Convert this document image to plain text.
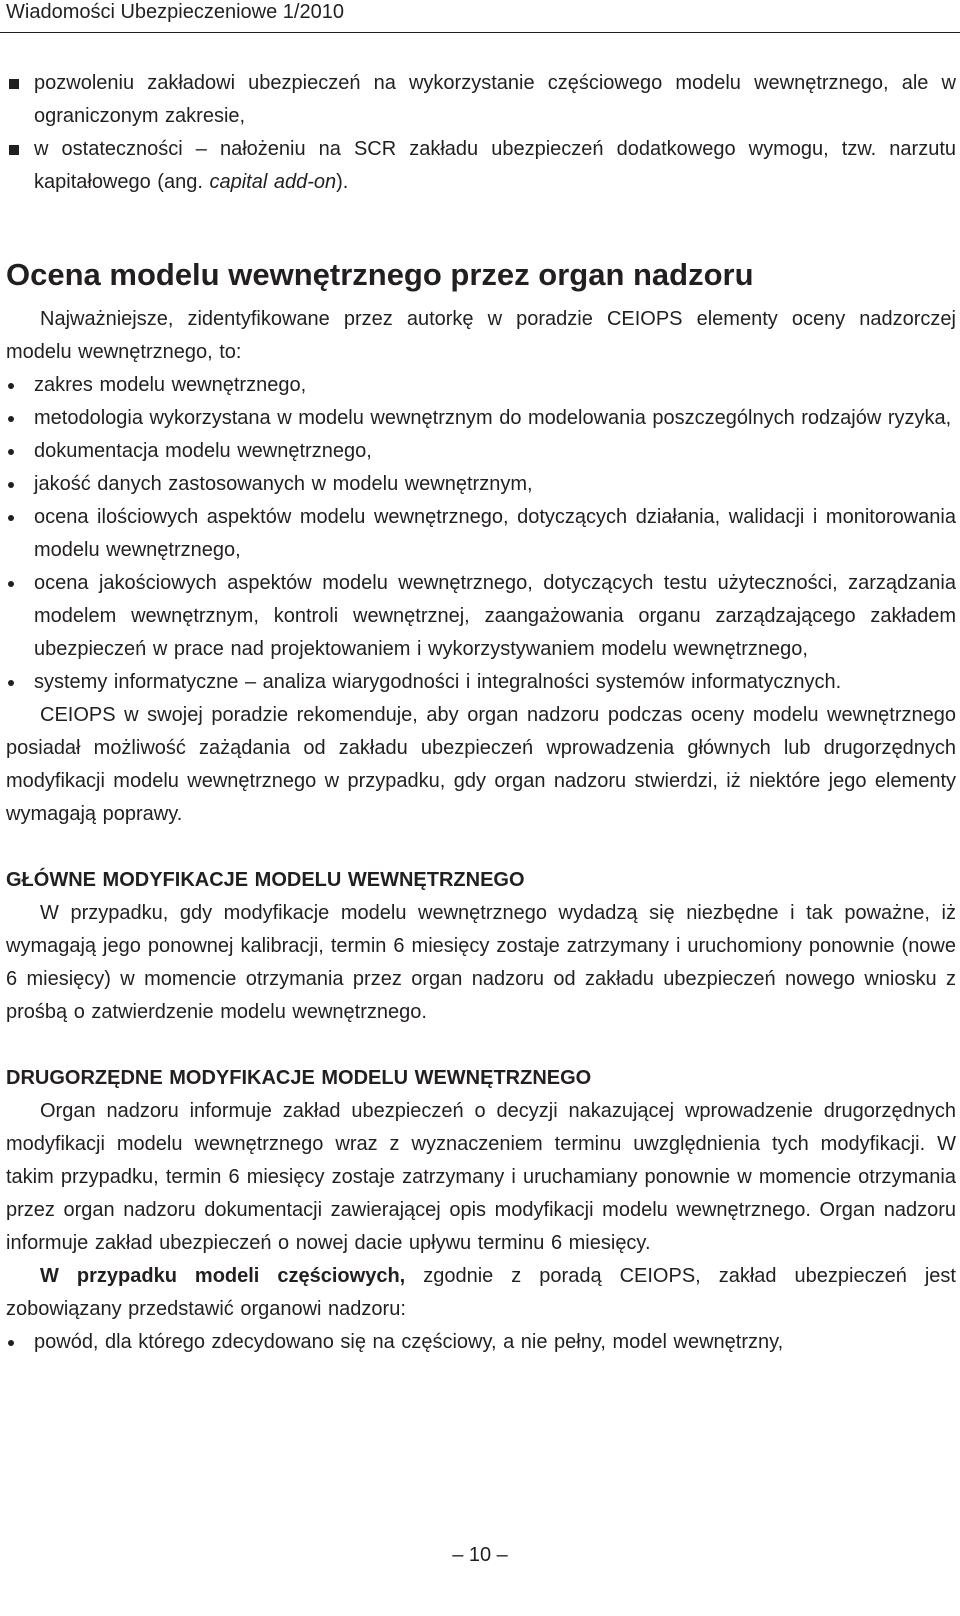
Wiadomości Ubezpieczeniowe 1/2010
pozwoleniu zakładowi ubezpieczeń na wykorzystanie częściowego modelu wewnętrznego, ale w ograniczonym zakresie,
w ostateczności – nałożeniu na SCR zakładu ubezpieczeń dodatkowego wymogu, tzw. narzutu kapitałowego (ang. capital add-on).
Ocena modelu wewnętrznego przez organ nadzoru
Najważniejsze, zidentyfikowane przez autorkę w poradzie CEIOPS elementy oceny nadzorczej modelu wewnętrznego, to:
zakres modelu wewnętrznego,
metodologia wykorzystana w modelu wewnętrznym do modelowania poszczególnych rodzajów ryzyka,
dokumentacja modelu wewnętrznego,
jakość danych zastosowanych w modelu wewnętrznym,
ocena ilościowych aspektów modelu wewnętrznego, dotyczących działania, walidacji i monitorowania modelu wewnętrznego,
ocena jakościowych aspektów modelu wewnętrznego, dotyczących testu użyteczności, zarządzania modelem wewnętrznym, kontroli wewnętrznej, zaangażowania organu zarządzającego zakładem ubezpieczeń w prace nad projektowaniem i wykorzystywaniem modelu wewnętrznego,
systemy informatyczne – analiza wiarygodności i integralności systemów informatycznych.
CEIOPS w swojej poradzie rekomenduje, aby organ nadzoru podczas oceny modelu wewnętrznego posiadał możliwość zażądania od zakładu ubezpieczeń wprowadzenia głównych lub drugorzędnych modyfikacji modelu wewnętrznego w przypadku, gdy organ nadzoru stwierdzi, iż niektóre jego elementy wymagają poprawy.
GŁÓWNE MODYFIKACJE MODELU WEWNĘTRZNEGO
W przypadku, gdy modyfikacje modelu wewnętrznego wydadzą się niezbędne i tak poważne, iż wymagają jego ponownej kalibracji, termin 6 miesięcy zostaje zatrzymany i uruchomiony ponownie (nowe 6 miesięcy) w momencie otrzymania przez organ nadzoru od zakładu ubezpieczeń nowego wniosku z prośbą o zatwierdzenie modelu wewnętrznego.
DRUGORZĘDNE MODYFIKACJE MODELU WEWNĘTRZNEGO
Organ nadzoru informuje zakład ubezpieczeń o decyzji nakazującej wprowadzenie drugorzędnych modyfikacji modelu wewnętrznego wraz z wyznaczeniem terminu uwzględnienia tych modyfikacji. W takim przypadku, termin 6 miesięcy zostaje zatrzymany i uruchamiany ponownie w momencie otrzymania przez organ nadzoru dokumentacji zawierającej opis modyfikacji modelu wewnętrznego. Organ nadzoru informuje zakład ubezpieczeń o nowej dacie upływu terminu 6 miesięcy.
W przypadku modeli częściowych, zgodnie z poradą CEIOPS, zakład ubezpieczeń jest zobowiązany przedstawić organowi nadzoru:
powód, dla którego zdecydowano się na częściowy, a nie pełny, model wewnętrzny,
– 10 –
